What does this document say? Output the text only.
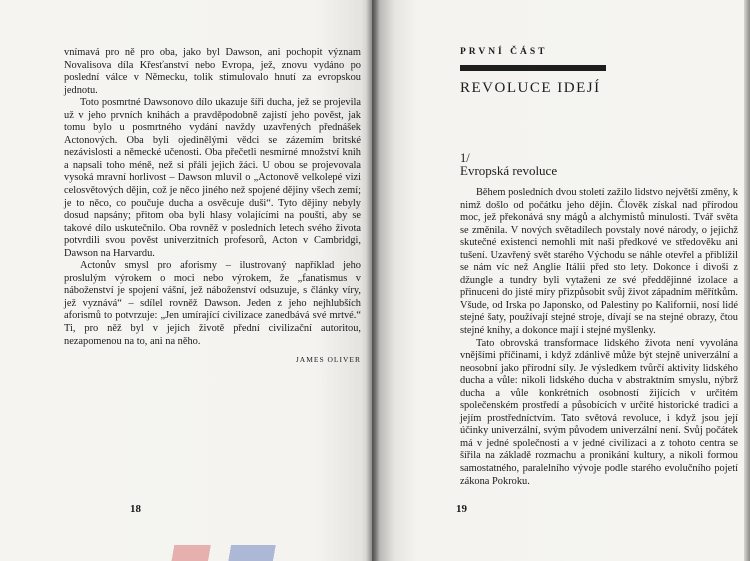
vnímavá pro ně pro oba, jako byl Dawson, ani pochopit význam Novalisova díla Křesťanství nebo Evropa, jež, znovu vydáno po poslední válce v Německu, tolik stimulovalo hnutí za evropskou jednotu.

Toto posmrtné Dawsonovo dílo ukazuje šíři ducha, jež se projevila už v jeho prvních knihách a pravděpodobně zajistí jeho pověst, jak tomu bylo u posmrtného vydání navždy uzavřených přednášek Actonových. Oba byli ojedinělými vědci se zázemím britské nezávislosti a německé učenosti. Oba přečetli nesmírné množství knih a napsali toho méně, než si přáli jejich žáci. U obou se projevovala vysoká mravní horlivost – Dawson mluvil o „Actonově velkolepé vizi celosvětových dějin, což je něco jiného než spojené dějiny všech zemí; je to něco, co poučuje ducha a osvěcuje duši“. Tyto dějiny nebyly dosud napsány; přitom oba byli hlasy volajícími na poušti, aby se takové dílo uskutečnilo. Oba rovněž v posledních letech svého života potvrdili svou pověst univerzitních profesorů, Acton v Cambridgi, Dawson na Harvardu.

Actonův smysl pro aforismy – ilustrovaný například jeho proslulým výrokem o moci nebo výrokem, že „fanatismus v náboženství je spojení vášní, jež náboženství odsuzuje, s články víry, jež vyznává“ – sdílel rovněž Dawson. Jeden z jeho nejhlubších aforismů to potvrzuje: „Jen umírající civilizace zanedbává své mrtvé.“ Ti, pro něž byl v jejich životě přední civilizační autoritou, nezapomenou na to, ani na něho.

JAMES OLIVER

18
PRVNÍ ČÁST
REVOLUCE IDEJÍ
1/
Evropská revoluce

Během posledních dvou století zažilo lidstvo největší změny, k nimž došlo od počátku jeho dějin. Člověk získal nad přírodou moc, jež překonává sny mágů a alchymistů minulosti. Tvář světa se změnila. V nových světadílech povstaly nové národy, o jejichž skutečné existenci nemohli mít naši předkové ve středověku ani tušení. Uzavřený svět starého Východu se náhle otevřel a přiblížil se nám víc než Anglie Itálii před sto lety. Dokonce i divoši z džungle a tundry byli vytaženi ze své předdějinné izolace a přinuceni do jisté míry přizpůsobit svůj život západním měřítkům. Všude, od Irska po Japonsko, od Palestiny po Kalifornii, nosí lidé stejné šaty, používají stejné stroje, dívají se na stejné obrazy, čtou stejné knihy, a dokonce mají i stejné myšlenky.

Tato obrovská transformace lidského života není vyvolána vnějšími příčinami, i když zdánlivě může být stejně univerzální a neosobní jako přírodní síly. Je výsledkem tvůrčí aktivity lidského ducha a vůle: nikoli lidského ducha v abstraktním smyslu, nýbrž ducha a vůle konkrétních osobností žijících v určitém společenském prostředí a působících v určité historické tradici a jejím prostředníctvím. Tato světová revoluce, i když jsou její účinky univerzální, svým původem univerzální není. Svůj počátek má v jedné společnosti a v jedné civilizaci a z tohoto centra se šířila na základě rozmachu a pronikání kultury, a nikoli formou samostatného, paralelního vývoje podle starého evolučního pojetí zákona Pokroku.

19
